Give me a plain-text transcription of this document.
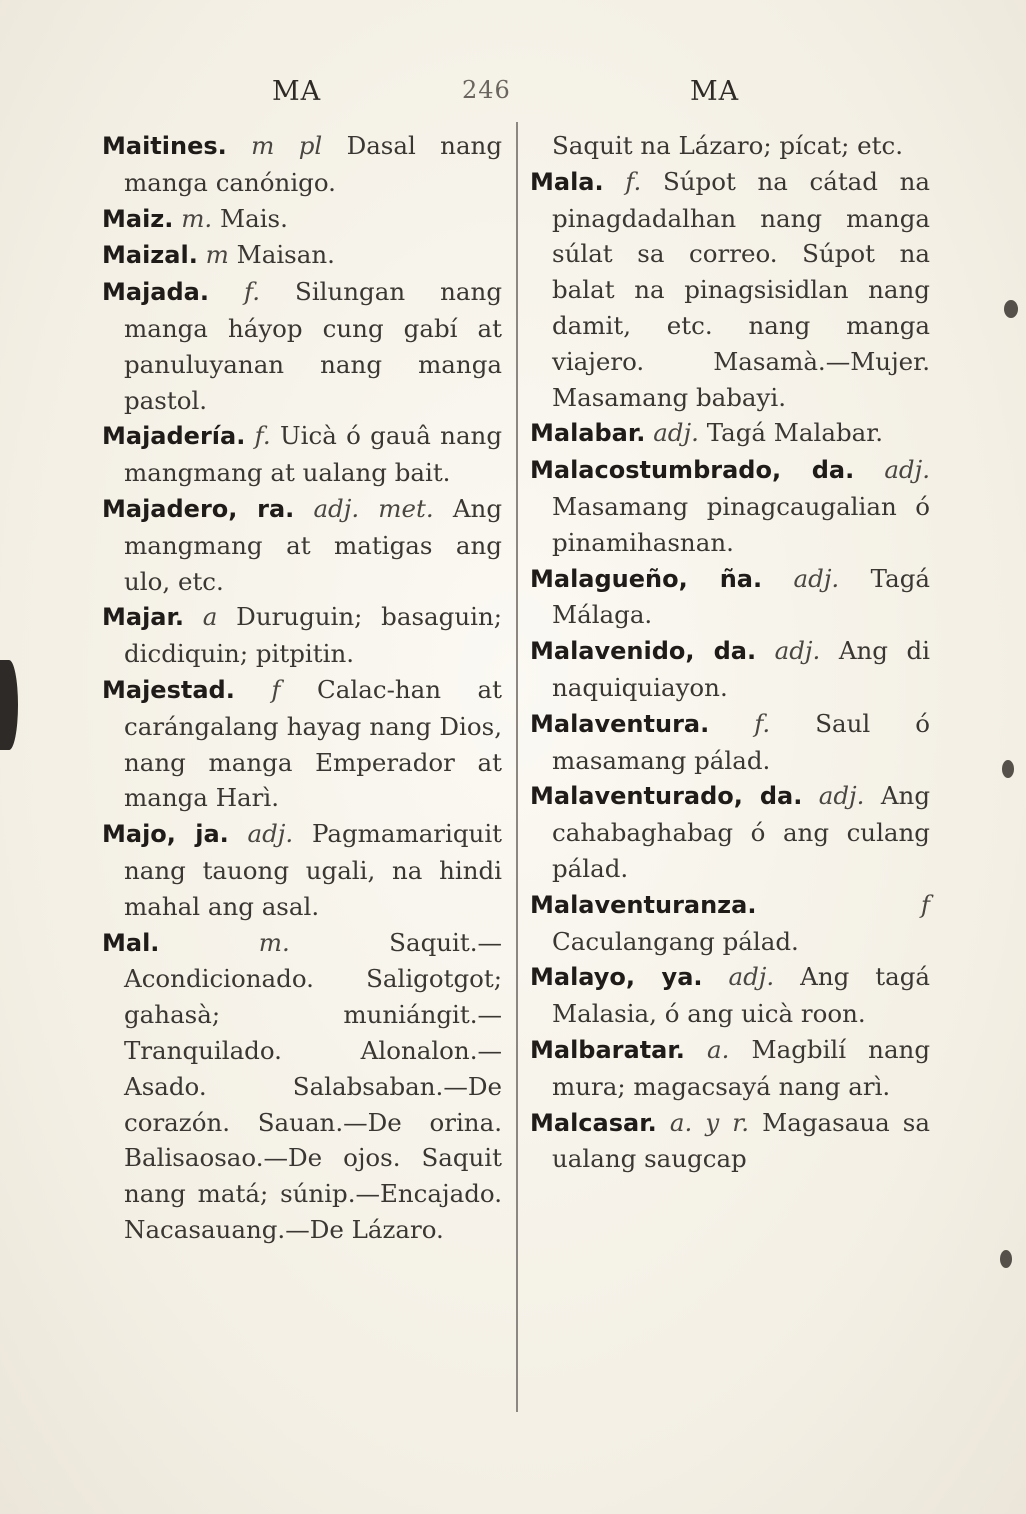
MA	246	MA

Maitines. m pl Dasal nang manga canónigo.

Maiz. m. Mais.

Maizal. m Maisan.

Majada. f. Silungan nang manga háyop cung gabí at panuluyanan nang manga pastol.

Majadería. f. Uicà ó gauâ nang mangmang at ualang bait.

Majadero, ra. adj. met. Ang mangmang at matigas ang ulo, etc.

Majar. a Duruguin; basaguin; dicdiquin; pitpitin.

Majestad. f Calac-han at carángalang hayag nang Dios, nang manga Emperador at manga Harì.

Majo, ja. adj. Pagmamariquit nang tauong ugali, na hindi mahal ang asal.

Mal.	m.	Saquit.—Acondicionado. Saligotgot; gahasà; muniángit.—Tranquilado. Alonalon.—Asado. Salabsaban.—De corazón. Sauan.—De orina. Balisaosao.—De ojos. Saquit nang matá; súnip.—Encajado. Nacasauang.—De Lázaro.

Saquit na Lázaro; pícat; etc.

Mala. f. Súpot na cátad na pinagdadalhan nang manga súlat sa correo. Súpot na balat na pinagsisidlan nang damit, etc. nang manga viajero. Masamà.—Mujer. Masamang babayi.

Malabar. adj. Tagá Malabar.

Malacostumbrado, da. adj. Masamang pinagcaugalian ó pinamihasnan.

Malagueño, ña. adj. Tagá Málaga.

Malavenido, da. adj. Ang di naquiquiayon.

Malaventura. f. Saul ó masamang pálad.

Malaventurado, da. adj. Ang cahabaghabag ó ang culang pálad.

Malaventuranza.	f Caculangang pálad.

Malayo, ya. adj. Ang tagá Malasia, ó ang uicà roon.

Malbaratar. a. Magbilí nang mura; magacsayá nang arì.

Malcasar. a. y r. Magasaua sa ualang saugcap
